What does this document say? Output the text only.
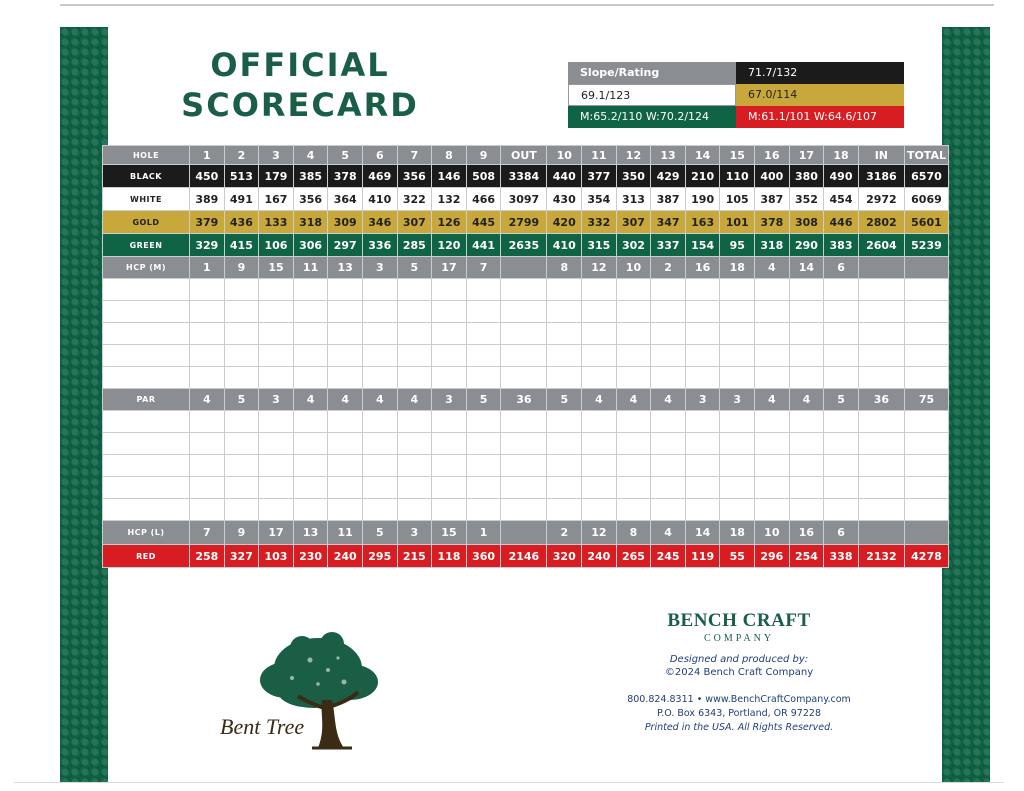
OFFICIAL
SCORECARD
Slope/Rating	71.7/132
69.1/123	67.0/114
M:65.2/110 W:70.2/124	M:61.1/101 W:64.6/107
HOLE	1	2	3	4	5	6	7	8	9	OUT	10	11	12	13	14	15	16	17	18	IN	TOTAL
BLACK	450	513	179	385	378	469	356	146	508	3384	440	377	350	429	210	110	400	380	490	3186	6570
WHITE	389	491	167	356	364	410	322	132	466	3097	430	354	313	387	190	105	387	352	454	2972	6069
GOLD	379	436	133	318	309	346	307	126	445	2799	420	332	307	347	163	101	378	308	446	2802	5601
GREEN	329	415	106	306	297	336	285	120	441	2635	410	315	302	337	154	95	318	290	383	2604	5239
HCP (M)	1	9	15	11	13	3	5	17	7		8	12	10	2	16	18	4	14	6		

PAR	4	5	3	4	4	4	4	3	5	36	5	4	4	4	3	3	4	4	5	36	75

HCP (L)	7	9	17	13	11	5	3	15	1		2	12	8	4	14	18	10	16	6		
RED	258	327	103	230	240	295	215	118	360	2146	320	240	265	245	119	55	296	254	338	2132	4278
Bent Tree
BENCH CRAFT
COMPANY
Designed and produced by:
©2024 Bench Craft Company
800.824.8311 • www.BenchCraftCompany.com
P.O. Box 6343, Portland, OR 97228
Printed in the USA. All Rights Reserved.
